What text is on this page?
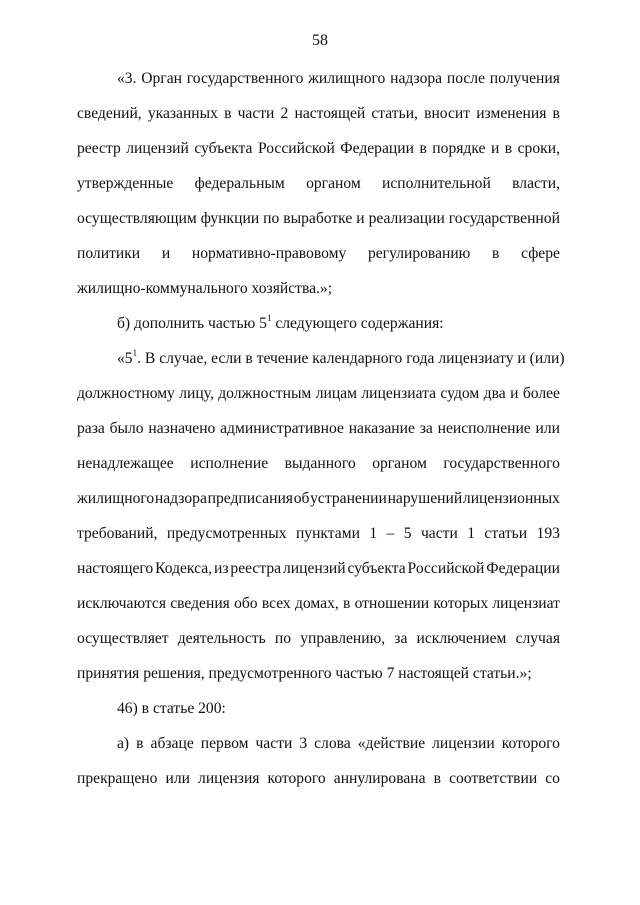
58
«3. Орган государственного жилищного надзора после получения
сведений, указанных в части 2 настоящей статьи, вносит изменения в
реестр лицензий субъекта Российской Федерации в порядке и в сроки,
утвержденные федеральным органом исполнительной власти,
осуществляющим функции по выработке и реализации государственной
политики и нормативно-правовому регулированию в сфере
жилищно-коммунального хозяйства.»;
б) дополнить частью $5^1$ следующего содержания:
«$5^1$. В случае, если в течение календарного года лицензиату и (или)
должностному лицу, должностным лицам лицензиата судом два и более
раза было назначено административное наказание за неисполнение или
ненадлежащее исполнение выданного органом государственного
жилищного надзора предписания об устранении нарушений лицензионных
требований, предусмотренных пунктами 1 – 5 части 1 статьи 193
настоящего Кодекса, из реестра лицензий субъекта Российской Федерации
исключаются сведения обо всех домах, в отношении которых лицензиат
осуществляет деятельность по управлению, за исключением случая
принятия решения, предусмотренного частью 7 настоящей статьи.»;
46) в статье 200:
а) в абзаце первом части 3 слова «действие лицензии которого
прекращено или лицензия которого аннулирована в соответствии со
